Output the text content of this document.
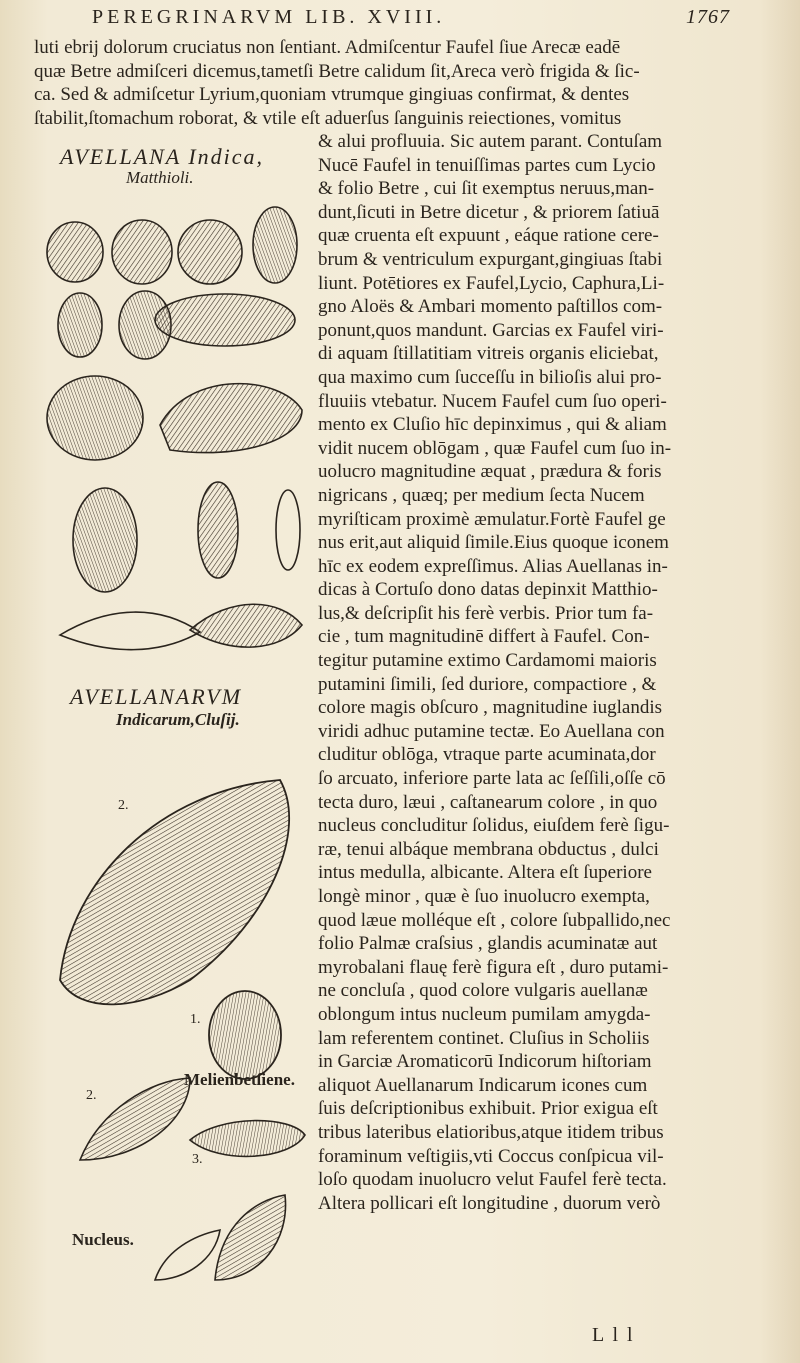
PEREGRINARVM LIB. XVIII.	1767
luti ebrij dolorum cruciatus non ſentiant. Admiſcentur Faufel ſiue Arecæ eadē
quæ Betre admiſceri dicemus,tametſi Betre calidum ſit,Areca verò frigida & ſic-
ca. Sed & admiſcetur Lyrium,quoniam vtrumque gingiuas confirmat, & dentes
ſtabilit,ſtomachum roborat, & vtile eſt aduerſus ſanguinis reiectiones, vomitus
& alui profluuia. Sic autem parant. Contuſam
Nucē Faufel in tenuiſſimas partes cum Lycio
& folio Betre , cui ſit exemptus neruus,man-
dunt,ſicuti in Betre dicetur , & priorem ſatiuā
quæ cruenta eſt expuunt , eáque ratione cere-
brum & ventriculum expurgant,gingiuas ſtabi
liunt. Potētiores ex Faufel,Lycio, Caphura,Li-
gno Aloës & Ambari momento paſtillos com-
ponunt,quos mandunt. Garcias ex Faufel viri-
di aquam ſtillatitiam vitreis organis eliciebat,
qua maximo cum ſucceſſu in bilioſis alui pro-
fluuiis vtebatur. Nucem Faufel cum ſuo operi-
mento ex Cluſio hīc depinximus , qui & aliam
vidit nucem oblōgam , quæ Faufel cum ſuo in-
uolucro magnitudine æquat , prædura & foris
nigricans , quæq; per medium ſecta Nucem
myriſticam proximè æmulatur.Fortè Faufel ge
nus erit,aut aliquid ſimile.Eius quoque iconem
hīc ex eodem expreſſimus. Alias Auellanas in-
dicas à Cortuſo dono datas depinxit Matthio-
lus,& deſcripſit his ferè verbis. Prior tum fa-
cie , tum magnitudinē differt à Faufel. Con-
tegitur putamine extimo Cardamomi maioris
putamini ſimili, ſed duriore, compactiore , &
colore magis obſcuro , magnitudine iuglandis
viridi adhuc putamine tectæ. Eo Auellana con
cluditur oblōga, vtraque parte acuminata,dor
ſo arcuato, inferiore parte lata ac ſeſſili,oſſe cō
tecta duro, læui , caſtanearum colore , in quo
nucleus concluditur ſolidus, eiuſdem ferè ſigu-
ræ, tenui albáque membrana obductus , dulci
intus medulla, albicante. Altera eſt ſuperiore
longè minor , quæ è ſuo inuolucro exempta,
quod læue molléque eſt , colore ſubpallido,nec
folio Palmæ craſsius , glandis acuminatæ aut
myrobalani flauę ferè figura eſt , duro putami-
ne concluſa , quod colore vulgaris auellanæ
oblongum intus nucleum pumilam amygda-
lam referentem continet. Cluſius in Scholiis
in Garciæ Aromaticorū Indicorum hiſtoriam
aliquot Auellanarum Indicarum icones cum
ſuis deſcriptionibus exhibuit. Prior exigua eſt
tribus lateribus elatioribus,atque itidem tribus
foraminum veſtigiis,vti Coccus conſpicua vil-
loſo quodam inuolucro velut Faufel ferè tecta.
Altera pollicari eſt longitudine , duorum verò
AVELLANA Indica,
Matthioli.
AVELLANARVM
Indicarum,Cluſij.
2.
1.
Melienbetſiene.
2.
3.
Nucleus.
L l l
